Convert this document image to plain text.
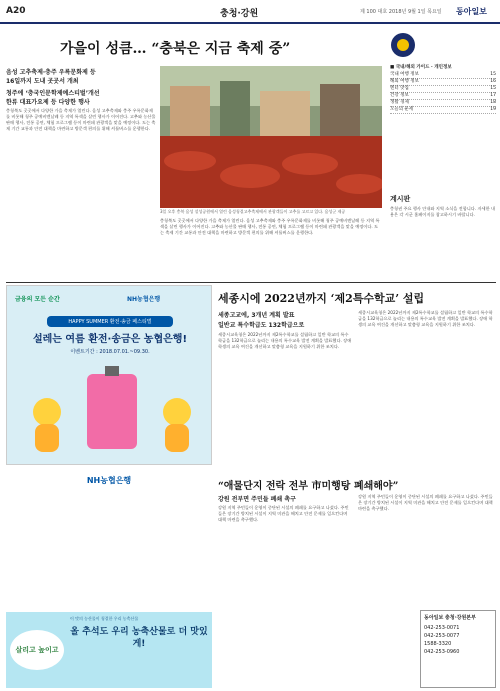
A20	충청·강원	제 100 대호 2018년 9월 1일 목요일 동아일보
가을이 성큼… “충북은 지금 축제 중”
음성 고추축제·충주 우륵문화제 등
16일까지 도내 곳곳서 개최
청주에 ‘충국인문학제예스티벌’개선
한류 대표가요제 등 다양한 행사
충청북도 곳곳에서 다양한 가을 축제가 열린다. 음성 고추축제와 충주 우륵문화제를 비롯해 청주 공예비엔날레 등 지역 특색을 살린 행사가 이어진다. 고추와 농산물 판매 행사, 전통 공연, 체험 프로그램 등이 마련돼 관광객을 맞을 예정이다. 도는 축제 기간 교통과 안전 대책을 마련하고 방문객 편의를 위해 셔틀버스를 운행한다.
3일 오후 충북 음성 설성공원에서 열린 음성청결고추축제에서 관광객들이 고추를 고르고 있다. 음성군 제공
충청북도 곳곳에서 다양한 가을 축제가 열린다. 음성 고추축제와 충주 우륵문화제를 비롯해 청주 공예비엔날레 등 지역 특색을 살린 행사가 이어진다. 고추와 농산물 판매 행사, 전통 공연, 체험 프로그램 등이 마련돼 관광객을 맞을 예정이다. 도는 축제 기간 교통과 안전 대책을 마련하고 방문객 편의를 위해 셔틀버스를 운행한다.
■ 국내/해외 가이드 · 개인정보
국내 여행 정보	15
해외 여행 정보	16
엔터 맛집	15
건강 정보	17
생활 경제	18
오늘의 운세	19
계시판
충청권 주요 행사 안내와 지역 소식을 전합니다. 자세한 내용은 각 시군 홈페이지를 참고하시기 바랍니다.
금융의 모든 순간	NH농협은행
HAPPY SUMMER 환전·송금 페스티벌
설레는 여름 환전·송금은 농협은행!
이벤트기간 : 2018.07.01.~09.30.
세종시에 2022년까지 ‘제2특수학교’ 설립
세종고교에, 3개년 계획 발표
일반교 특수학급도 132학급으로
세종시교육청은 2022년까지 제2특수학교를 설립하고 일반 학교의 특수학급을 132학급으로 늘리는 내용의 특수교육 발전 계획을 발표했다. 장애 학생의 교육 여건을 개선하고 맞춤형 교육을 지원하기 위한 조치다.
세종시교육청은 2022년까지 제2특수학교를 설립하고 일반 학교의 특수학급을 132학급으로 늘리는 내용의 특수교육 발전 계획을 발표했다. 장애 학생의 교육 여건을 개선하고 맞춤형 교육을 지원하기 위한 조치다.
“애물단지 전락 전부 市미행탕 폐쇄해야”
강원 전부면 주민들 폐쇄 촉구
강원 지역 주민들이 운영이 중단된 시설의 폐쇄를 요구하고 나섰다. 주민들은 장기간 방치된 시설이 지역 미관을 해치고 안전 문제를 일으킨다며 대책 마련을 촉구했다.
강원 지역 주민들이 운영이 중단된 시설의 폐쇄를 요구하고 나섰다. 주민들은 장기간 방치된 시설이 지역 미관을 해치고 안전 문제를 일으킨다며 대책 마련을 촉구했다.
NH농협은행
살리고 높이고
이 맛의 농산물이 청결한 우리 농축산물
올 추석도 우리 농축산물로 더 맛있게!
동아일보 충청·강원본부
042-253-0071
042-253-0077
1588-3320
042-253-0960
